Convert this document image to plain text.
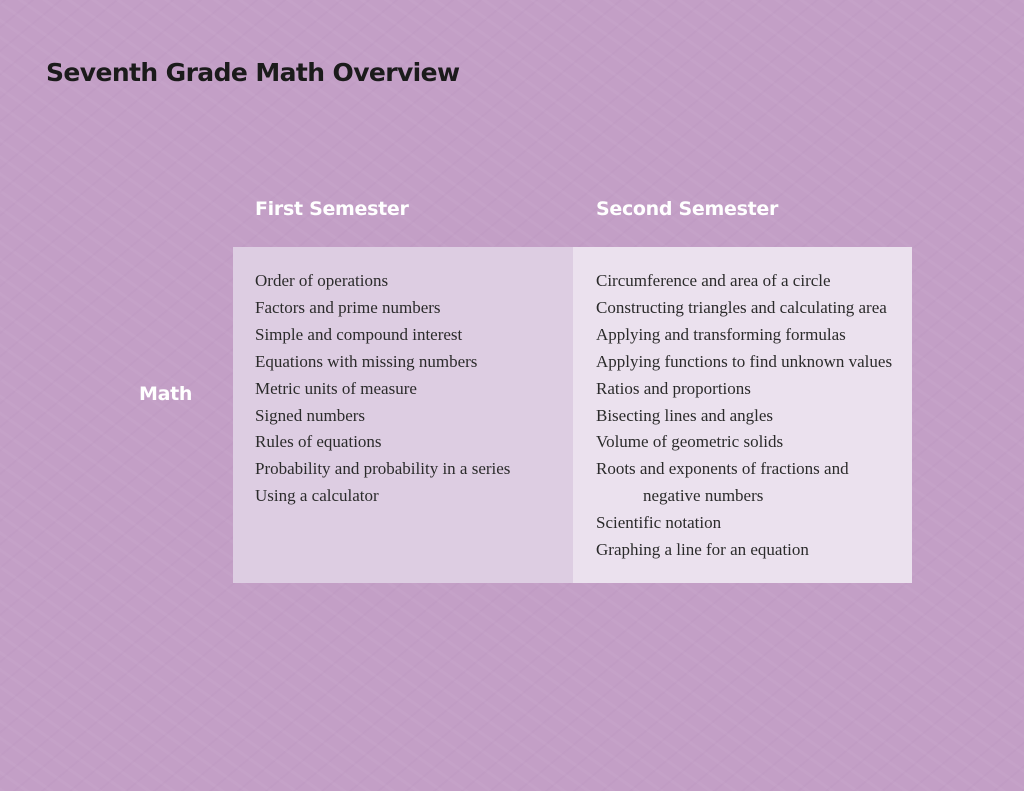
Seventh Grade Math Overview
First Semester	Second Semester
Math
Order of operations
Factors and prime numbers
Simple and compound interest
Equations with missing numbers
Metric units of measure
Signed numbers
Rules of equations
Probability and probability in a series
Using a calculator
Circumference and area of a circle
Constructing triangles and calculating area
Applying and transforming formulas
Applying functions to find unknown values
Ratios and proportions
Bisecting lines and angles
Volume of geometric solids
Roots and exponents of fractions and
negative numbers
Scientific notation
Graphing a line for an equation
